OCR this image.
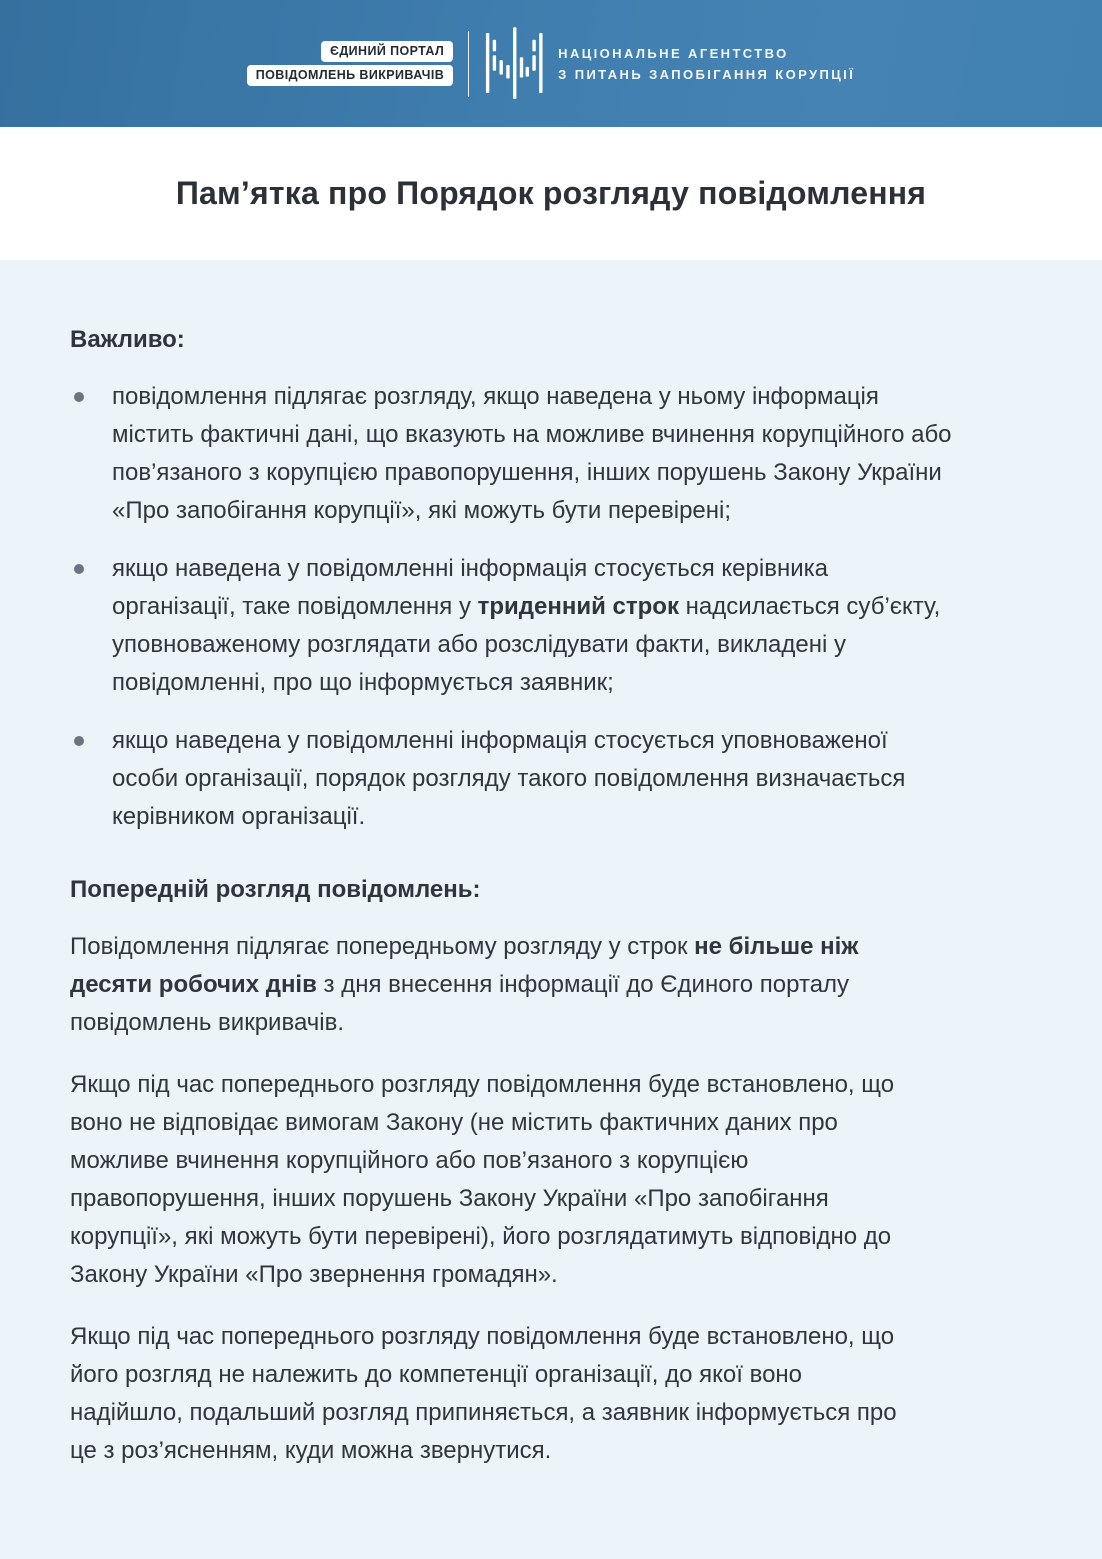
ЄДИНИЙ ПОРТАЛ
ПОВІДОМЛЕНЬ ВИКРИВАЧІВ
НАЦІОНАЛЬНЕ АГЕНТСТВО
З ПИТАНЬ ЗАПОБІГАННЯ КОРУПЦІЇ
Пам’ятка про Порядок розгляду повідомлення
Важливо:
повідомлення підлягає розгляду, якщо наведена у ньому інформація містить фактичні дані, що вказують на можливе вчинення корупційного або пов’язаного з корупцією правопорушення, інших порушень Закону України «Про запобігання корупції», які можуть бути перевірені;
якщо наведена у повідомленні інформація стосується керівника організації, таке повідомлення у триденний строк надсилається суб’єкту, уповноваженому розглядати або розслідувати факти, викладені у повідомленні, про що інформується заявник;
якщо наведена у повідомленні інформація стосується уповноваженої особи організації, порядок розгляду такого повідомлення визначається керівником організації.
Попередній розгляд повідомлень:

Повідомлення підлягає попередньому розгляду у строк не більше ніж десяти робочих днів з дня внесення інформації до Єдиного порталу повідомлень викривачів.

Якщо під час попереднього розгляду повідомлення буде встановлено, що воно не відповідає вимогам Закону (не містить фактичних даних про можливе вчинення корупційного або пов’язаного з корупцією правопорушення, інших порушень Закону України «Про запобігання корупції», які можуть бути перевірені), його розглядатимуть відповідно до Закону України «Про звернення громадян».

Якщо під час попереднього розгляду повідомлення буде встановлено, що його розгляд не належить до компетенції організації, до якої воно надійшло, подальший розгляд припиняється, а заявник інформується про це з роз’ясненням, куди можна звернутися.
